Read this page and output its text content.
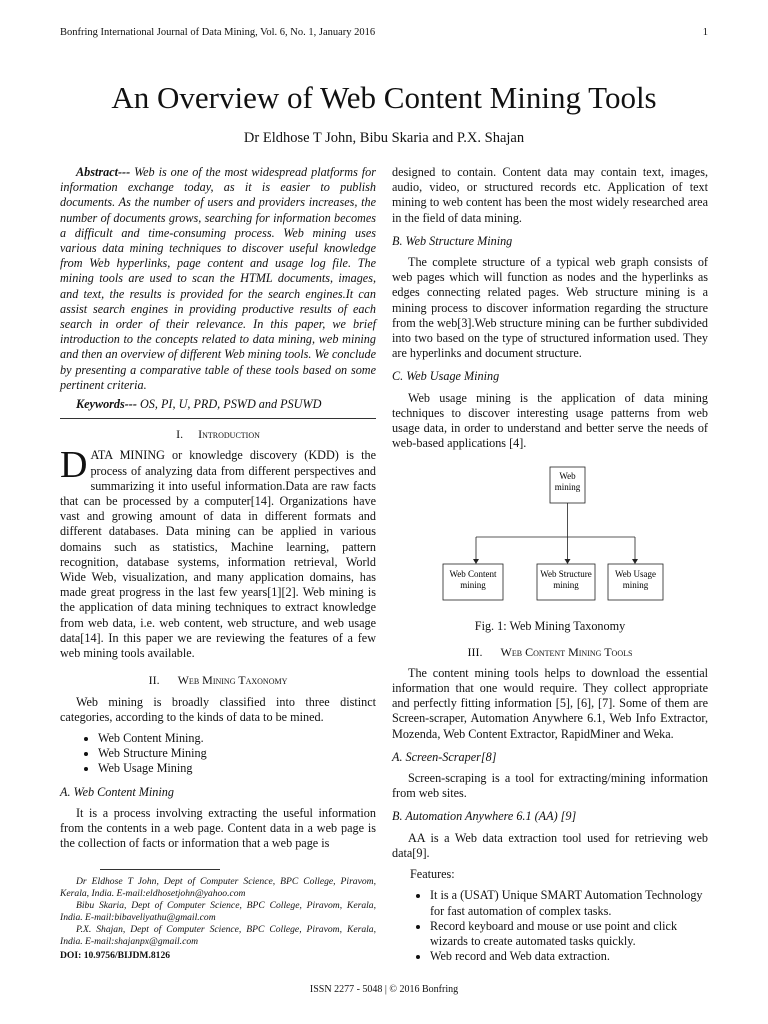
Bonfring International Journal of Data Mining, Vol. 6, No. 1, January 2016	1
An Overview of Web Content Mining Tools
Dr Eldhose T John, Bibu Skaria and P.X. Shajan

Abstract--- Web is one of the most widespread platforms for information exchange today, as it is easier to publish documents. As the number of users and providers increases, the number of documents grows, searching for information becomes a difficult and time-consuming process. Web mining uses various data mining techniques to discover useful knowledge from Web hyperlinks, page content and usage log file. The mining tools are used to scan the HTML documents, images, and text, the results is provided for the search engines.It can assist search engines in providing productive results of each search in order of their relevance. In this paper, we brief introduction to the concepts related to data mining, web mining and then an overview of different Web mining tools. We conclude by presenting a comparative table of these tools based on some pertinent criteria.

Keywords--- OS, PI, U, PRD, PSWD and PSUWD

I. Introduction

DATA MINING or knowledge discovery (KDD) is the process of analyzing data from different perspectives and summarizing it into useful information.Data are raw facts that can be processed by a computer[14]. Organizations have vast and growing amount of data in different formats and different databases. Data mining can be applied in various domains such as statistics, Machine learning, pattern recognition, database systems, information retrieval, World Wide Web, visualization, and many application domains, has made great progress in the last few years[1][2]. Web mining is the application of data mining techniques to extract knowledge from web data, i.e. web content, web structure, and web usage data[14]. In this paper we are reviewing the features of a few web mining tools available.

II. Web Mining Taxonomy

Web mining is broadly classified into three distinct categories, according to the kinds of data to be mined.

• Web Content Mining.
• Web Structure Mining
• Web Usage Mining
A. Web Content Mining

It is a process involving extracting the useful information from the contents in a web page. Content data in a web page is the collection of facts or information that a web page is

Dr Eldhose T John, Dept of Computer Science, BPC College, Piravom, Kerala, India. E-mail:eldhosetjohn@yahoo.com

Bibu Skaria, Dept of Computer Science, BPC College, Piravom, Kerala, India. E-mail:bibaveliyathu@gmail.com

P.X. Shajan, Dept of Computer Science, BPC College, Piravom, Kerala, India. E-mail:shajanpx@gmail.com

DOI: 10.9756/BIJDM.8126

designed to contain. Content data may contain text, images, audio, video, or structured records etc. Application of text mining to web content has been the most widely researched area in the field of data mining.

B. Web Structure Mining

The complete structure of a typical web graph consists of web pages which will function as nodes and the hyperlinks as edges connecting related pages. Web structure mining is a mining process to discover information regarding the structure from the web[3].Web structure mining can be further subdivided into two based on the type of structured information used. They are hyperlinks and document structure.

C. Web Usage Mining

Web usage mining is the application of data mining techniques to discover interesting usage patterns from web usage data, in order to understand and better serve the needs of web-based applications [4].

Web
mining
Web Content
mining
Web Structure
mining
Web Usage
mining
Fig. 1: Web Mining Taxonomy
III. Web Content Mining Tools

The content mining tools helps to download the essential information that one would require. They collect appropriate and perfectly fitting information [5], [6], [7]. Some of them are Screen-scraper, Automation Anywhere 6.1, Web Info Extractor, Mozenda, Web Content Extractor, RapidMiner and Weka.

A. Screen-Scraper[8]

Screen-scraping is a tool for extracting/mining information from web sites.

B. Automation Anywhere 6.1 (AA) [9]

AA is a Web data extraction tool used for retrieving web data[9].

Features:
• It is a (USAT) Unique SMART Automation Technology for fast automation of complex tasks.
• Record keyboard and mouse or use point and click wizards to create automated tasks quickly.
• Web record and Web data extraction.
ISSN 2277 - 5048 | © 2016 Bonfring
